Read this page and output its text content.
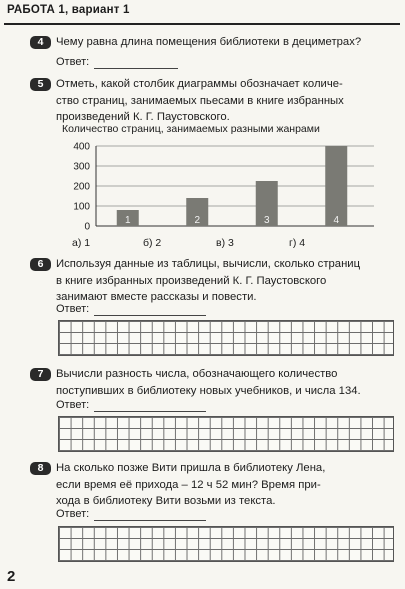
РАБОТА 1, вариант 1
4	Чему равна длина помещения библиотеки в дециметрах?
Ответ:
5	Отметь, какой столбик диаграммы обозначает количе-
ство страниц, занимаемых пьесами в книге избранных
произведений К. Г. Паустовского.
Количество страниц, занимаемых разными жанрами
400
300
200
100
0
1	2	3	4
а) 1	б) 2	в) 3	г) 4
6	Используя данные из таблицы, вычисли, сколько страниц
в книге избранных произведений К. Г. Паустовского
занимают вместе рассказы и повести.
Ответ:
7	Вычисли разность числа, обозначающего количество
поступивших в библиотеку новых учебников, и числа 134.
Ответ:
8	На сколько позже Вити пришла в библиотеку Лена,
если время её прихода – 12 ч 52 мин? Время при-
хода в библиотеку Вити возьми из текста.
Ответ:
2
